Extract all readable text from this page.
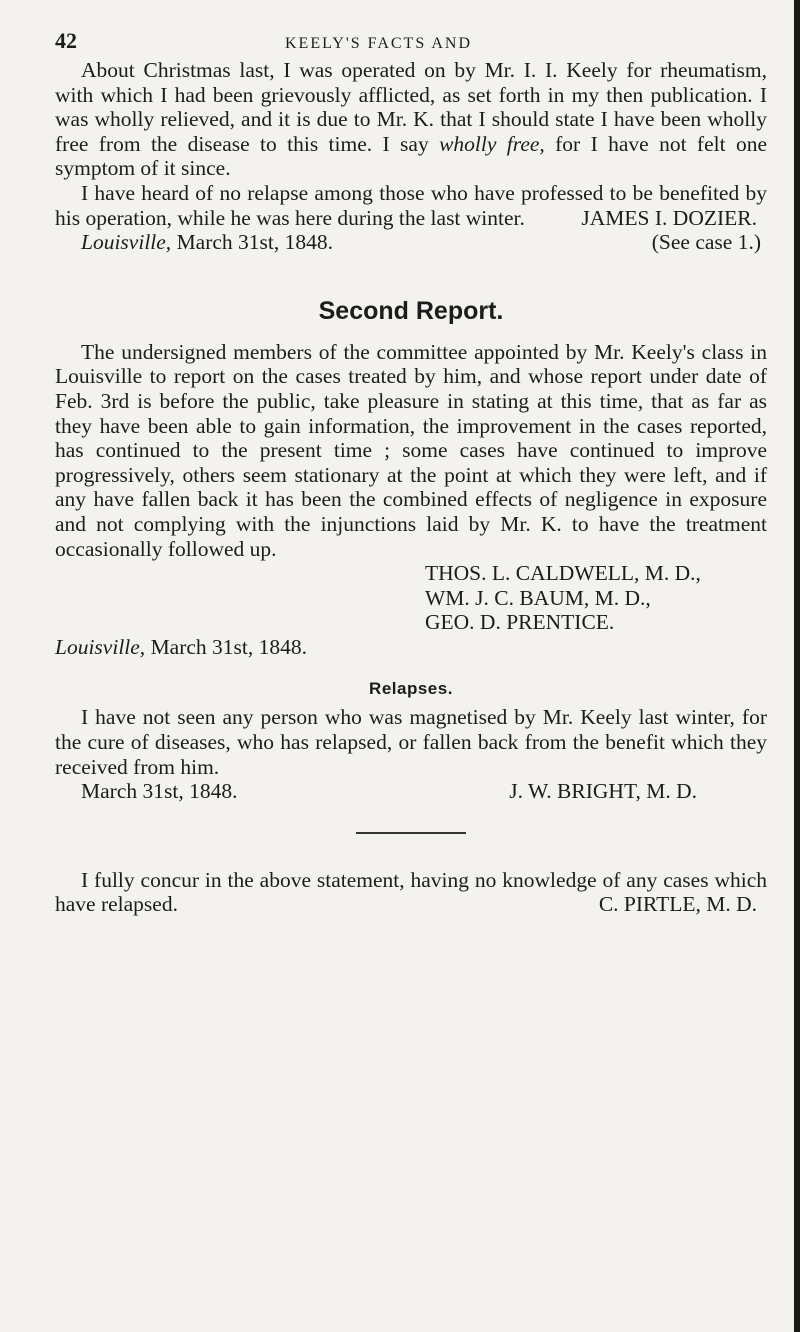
42	KEELY'S FACTS AND

About Christmas last, I was operated on by Mr. I. I. Keely for rheumatism, with which I had been grievously afflicted, as set forth in my then publication. I was wholly relieved, and it is due to Mr. K. that I should state I have been wholly free from the disease to this time. I say wholly free, for I have not felt one symptom of it since.

I have heard of no relapse among those who have professed to be benefited by his operation, while he was here during the last winter.	JAMES I. DOZIER.
Louisville, March 31st, 1848.	(See case 1.)
Second Report.

The undersigned members of the committee appointed by Mr. Keely's class in Louisville to report on the cases treated by him, and whose report under date of Feb. 3rd is before the public, take pleasure in stating at this time, that as far as they have been able to gain information, the improvement in the cases reported, has continued to the present time ; some cases have continued to improve progressively, others seem stationary at the point at which they were left, and if any have fallen back it has been the combined effects of negligence in exposure and not complying with the injunctions laid by Mr. K. to have the treatment occasionally followed up.

THOS. L. CALDWELL, M. D.,
WM. J. C. BAUM, M. D.,
GEO. D. PRENTICE.
Louisville, March 31st, 1848.
Relapses.

I have not seen any person who was magnetised by Mr. Keely last winter, for the cure of diseases, who has relapsed, or fallen back from the benefit which they received from him.

March 31st, 1848.	J. W. BRIGHT, M. D.

I fully concur in the above statement, having no knowledge of any cases which have relapsed.	C. PIRTLE, M. D.
